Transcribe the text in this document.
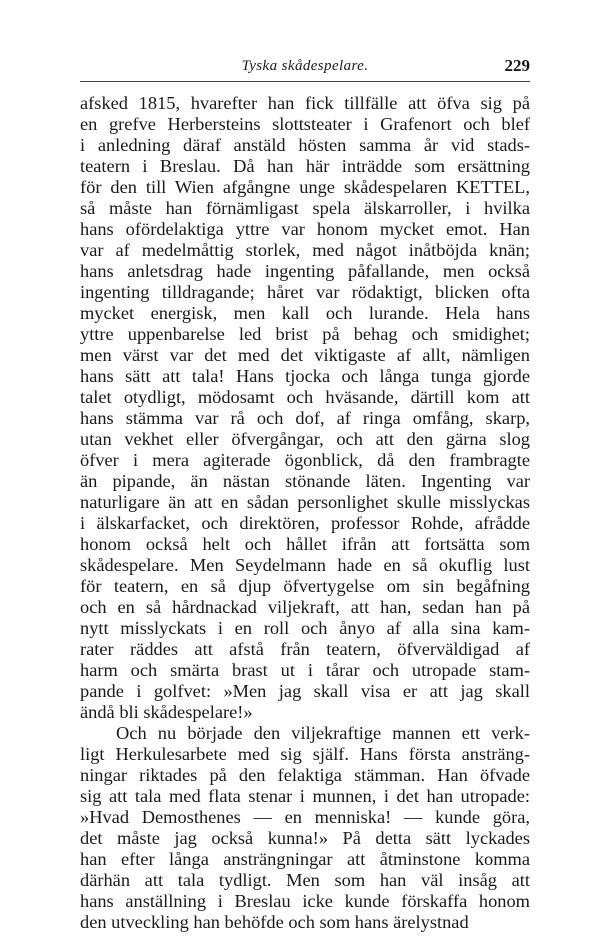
Tyska skådespelare.	229
afsked 1815, hvarefter han fick tillfälle att öfva sig på
en grefve Herbersteins slottsteater i Grafenort och blef
i anledning däraf anstäld hösten samma år vid stads-
teatern i Breslau. Då han här inträdde som ersättning
för den till Wien afgångne unge skådespelaren KETTEL,
så måste han förnämligast spela älskarroller, i hvilka
hans ofördelaktiga yttre var honom mycket emot. Han
var af medelmåttig storlek, med något inåtböjda knän;
hans anletsdrag hade ingenting påfallande, men också
ingenting tilldragande; håret var rödaktigt, blicken ofta
mycket energisk, men kall och lurande. Hela hans
yttre uppenbarelse led brist på behag och smidighet;
men värst var det med det viktigaste af allt, nämligen
hans sätt att tala! Hans tjocka och långa tunga gjorde
talet otydligt, mödosamt och hväsande, därtill kom att
hans stämma var rå och dof, af ringa omfång, skarp,
utan vekhet eller öfvergångar, och att den gärna slog
öfver i mera agiterade ögonblick, då den frambragte
än pipande, än nästan stönande läten. Ingenting var
naturligare än att en sådan personlighet skulle misslyckas
i älskarfacket, och direktören, professor Rohde, afrådde
honom också helt och hållet ifrån att fortsätta som
skådespelare. Men Seydelmann hade en så okuflig lust
för teatern, en så djup öfvertygelse om sin begåfning
och en så hårdnackad viljekraft, att han, sedan han på
nytt misslyckats i en roll och ånyo af alla sina kam-
rater räddes att afstå från teatern, öfverväldigad af
harm och smärta brast ut i tårar och utropade stam-
pande i golfvet: »Men jag skall visa er att jag skall
ändå bli skådespelare!»
Och nu började den viljekraftige mannen ett verk-
ligt Herkulesarbete med sig själf. Hans första ansträng-
ningar riktades på den felaktiga stämman. Han öfvade
sig att tala med flata stenar i munnen, i det han utropade:
»Hvad Demosthenes — en menniska! — kunde göra,
det måste jag också kunna!» På detta sätt lyckades
han efter långa ansträngningar att åtminstone komma
därhän att tala tydligt. Men som han väl insåg att
hans anställning i Breslau icke kunde förskaffa honom
den utveckling han behöfde och som hans ärelystnad
